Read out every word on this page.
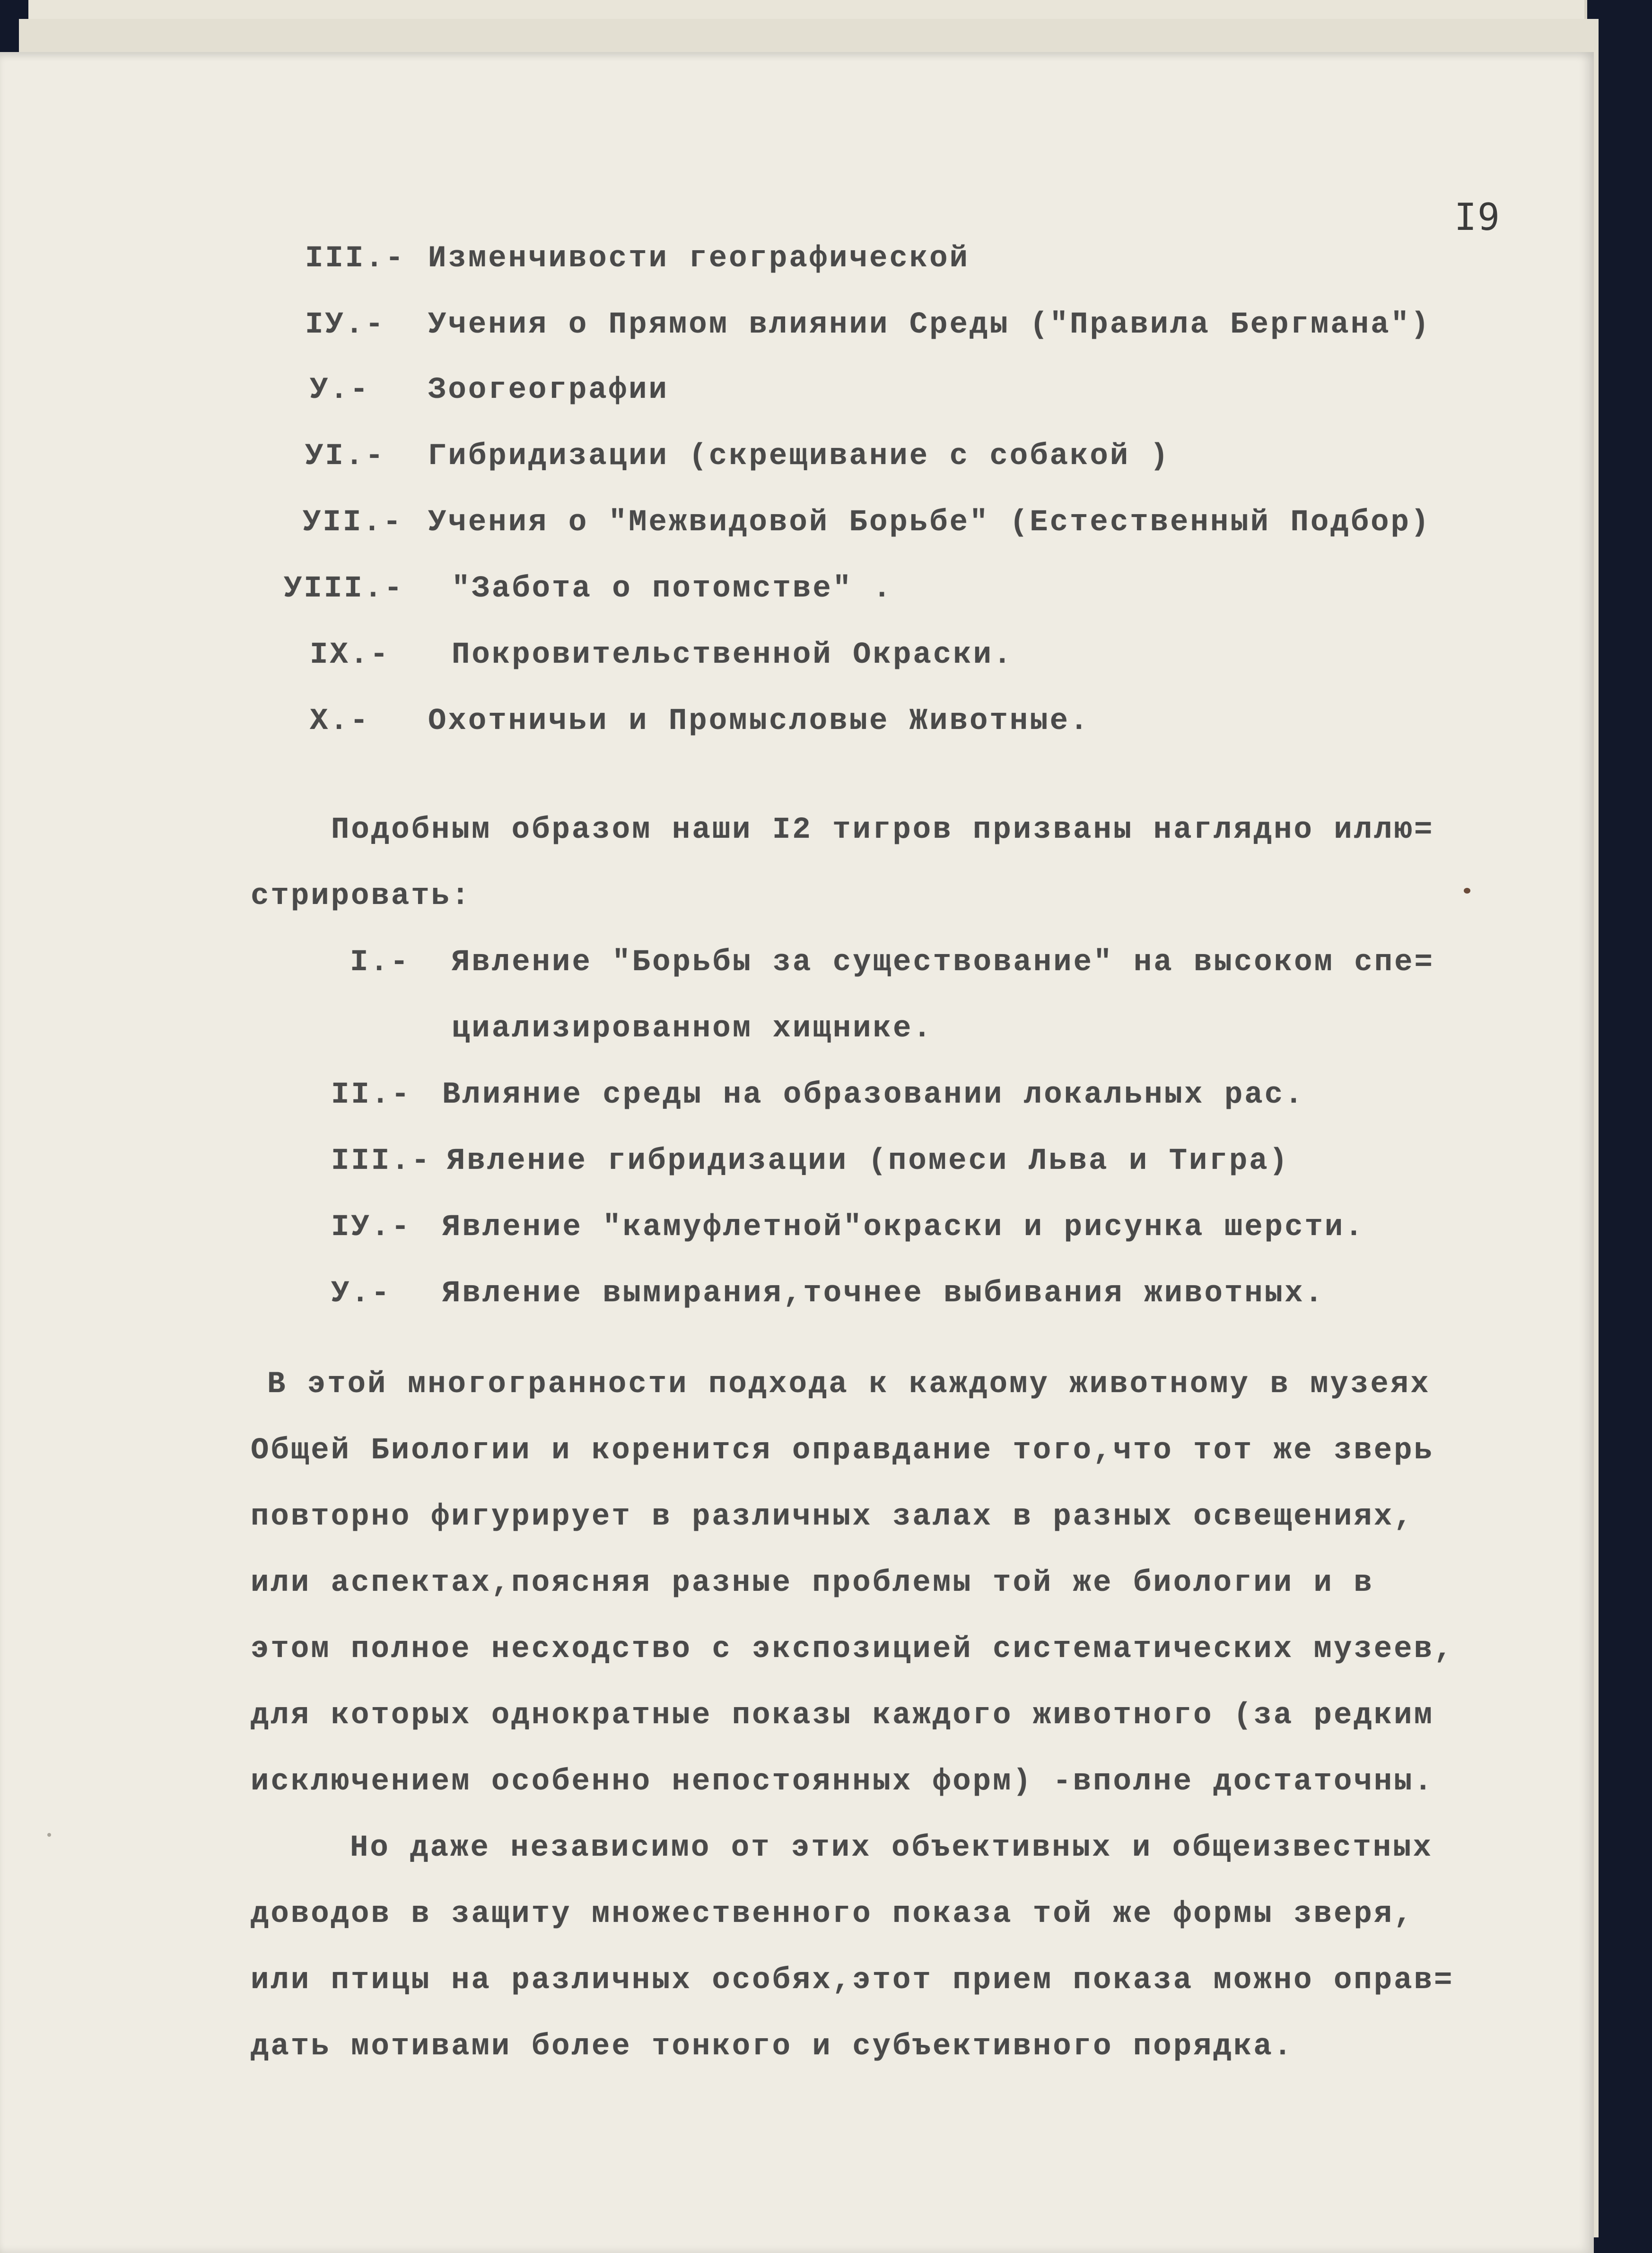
I9
III.- Изменчивости географической
IУ.- Учения о Прямом влиянии Среды ("Правила Бергмана")
У.- Зоогеографии
УI.- Гибридизации (скрещивание с собакой )
УII.- Учения о "Межвидовой Борьбе" (Естественный Подбор)
УIII.- "Забота о потомстве" .
IX.- Покровительственной Окраски.
X.- Охотничьи и Промысловые Животные.
Подобным образом наши I2 тигров призваны наглядно иллю=
стрировать:
I.- Явление "Борьбы за существование" на высоком спе=
циализированном хищнике.
II.- Влияние среды на образовании локальных рас.
III.- Явление гибридизации (помеси Льва и Тигра)
IУ.- Явление "камуфлетной"окраски и рисунка шерсти.
У.- Явление вымирания,точнее выбивания животных.
В этой многогранности подхода к каждому животному в музеях
Общей Биологии и коренится оправдание того,что тот же зверь
повторно фигурирует в различных залах в разных освещениях,
или аспектах,поясняя разные проблемы той же биологии и в
этом полное несходство с экспозицией систематических музеев,
для которых однократные показы каждого животного (за редким
исключением особенно непостоянных форм) -вполне достаточны.
Но даже независимо от этих объективных и общеизвестных
доводов в защиту множественного показа той же формы зверя,
или птицы на различных особях,этот прием показа можно оправ=
дать мотивами более тонкого и субъективного порядка.
